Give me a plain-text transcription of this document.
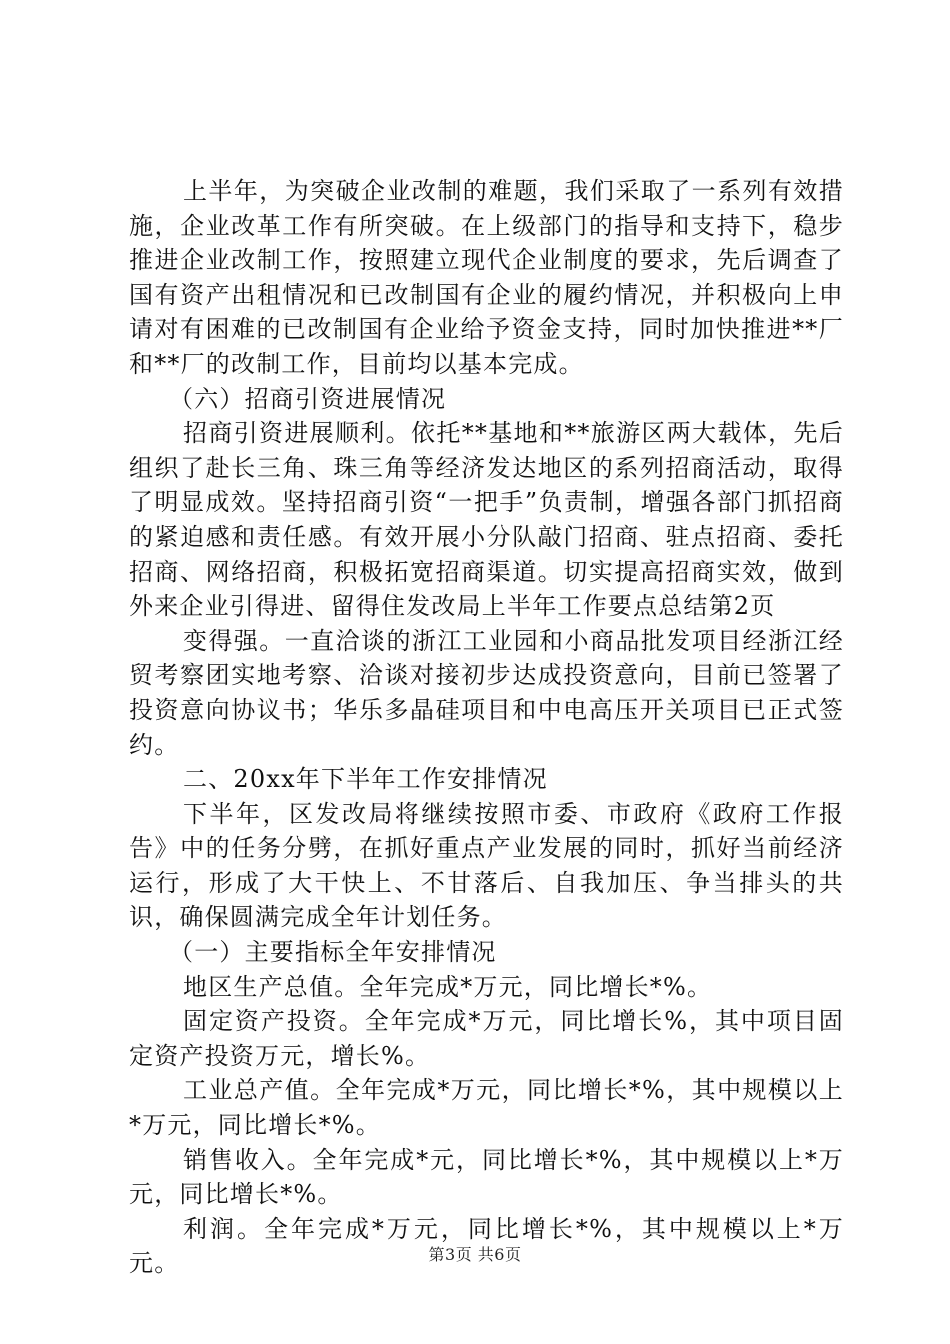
上半年，为突破企业改制的难题，我们采取了一系列有效措施，企业改革工作有所突破。在上级部门的指导和支持下，稳步推进企业改制工作，按照建立现代企业制度的要求，先后调查了国有资产出租情况和已改制国有企业的履约情况，并积极向上申请对有困难的已改制国有企业给予资金支持，同时加快推进**厂和**厂的改制工作，目前均以基本完成。

（六）招商引资进展情况

招商引资进展顺利。依托**基地和**旅游区两大载体，先后组织了赴长三角、珠三角等经济发达地区的系列招商活动，取得了明显成效。坚持招商引资“一把手”负责制，增强各部门抓招商的紧迫感和责任感。有效开展小分队敲门招商、驻点招商、委托招商、网络招商，积极拓宽招商渠道。切实提高招商实效，做到外来企业引得进、留得住发改局上半年工作要点总结第2页

变得强。一直洽谈的浙江工业园和小商品批发项目经浙江经贸考察团实地考察、洽谈对接初步达成投资意向，目前已签署了投资意向协议书；华乐多晶硅项目和中电高压开关项目已正式签约。

二、20xx年下半年工作安排情况

下半年，区发改局将继续按照市委、市政府《政府工作报告》中的任务分劈，在抓好重点产业发展的同时，抓好当前经济运行，形成了大干快上、不甘落后、自我加压、争当排头的共识，确保圆满完成全年计划任务。

（一）主要指标全年安排情况

地区生产总值。全年完成*万元，同比增长*%。

固定资产投资。全年完成*万元，同比增长%，其中项目固定资产投资万元，增长%。

工业总产值。全年完成*万元，同比增长*%，其中规模以上*万元，同比增长*%。

销售收入。全年完成*元，同比增长*%，其中规模以上*万元，同比增长*%。

利润。全年完成*万元，同比增长*%，其中规模以上*万元。	第3页 共6页
